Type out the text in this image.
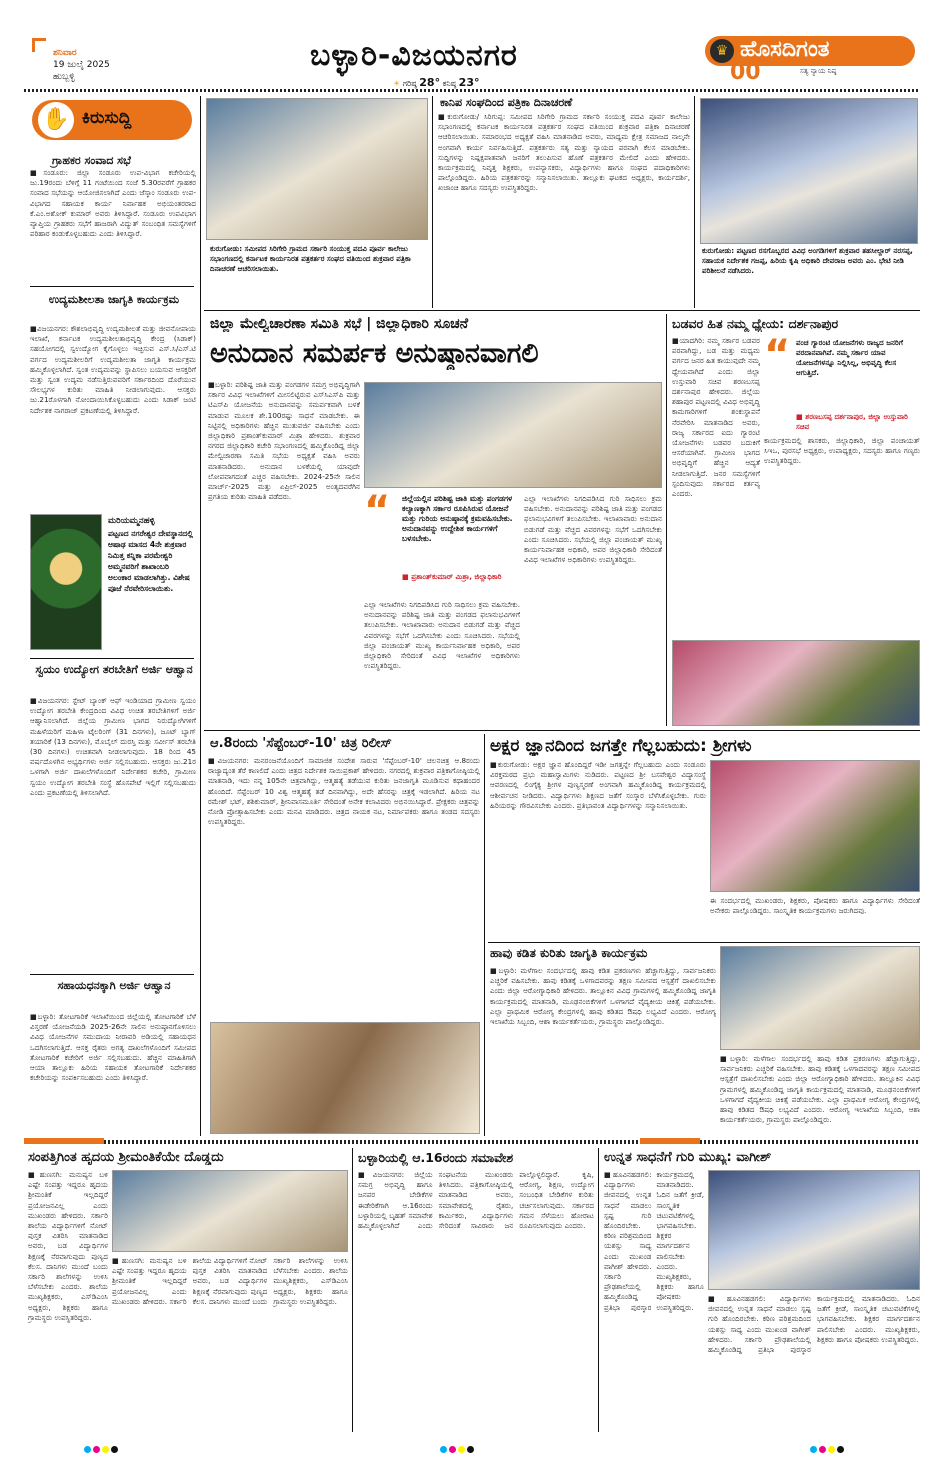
ಶನಿವಾರ
19 ಜುಲೈ 2025
ಹುಬ್ಬಳ್ಳಿ
ಬಳ್ಳಾರಿ-ವಿಜಯನಗರ
☀ ಗರಿಷ್ಠ 28° ಕನಿಷ್ಠ 23°
♛ ಹೊಸದಿಗಂತ
ಸತ್ಯ ನ್ಯಾಯ ನಿಷ್ಠ
00
✋ ಕಿರುಸುದ್ದಿ
ಗ್ರಾಹಕರ ಸಂವಾದ ಸಭೆ
■ಸಂಡೂರು: ಜಿಲ್ಲಾ ಸಂಡೂರು ಉಪ-ವಿಭಾಗ ಕಚೇರಿಯಲ್ಲಿ ಜು.19ರಂದು ಬೆಳಿಗ್ಗೆ 11 ಗಂಟೆಯಿಂದ ಸಂಜೆ 5.30ರವರೆಗೆ ಗ್ರಾಹಕರ ಸಂವಾದ ಸಭೆಯನ್ನು ಆಯೋಜಿಸಲಾಗಿದೆ ಎಂದು ಜೆಸ್ಕಾಂ ಸಂಡೂರು ಉಪ-ವಿಭಾಗದ ಸಹಾಯಕ ಕಾರ್ಯ ನಿರ್ವಾಹಕ ಅಭಿಯಂತರರಾದ ಕೆ.ಎಂ.ಅಶೋಕ್ ಕುಮಾರ್ ಅವರು ತಿಳಿಸಿದ್ದಾರೆ. ಸಂಡೂರು ಉಪವಿಭಾಗ ವ್ಯಾಪ್ತಿಯ ಗ್ರಾಹಕರು ಸಭೆಗೆ ಹಾಜರಾಗಿ ವಿದ್ಯುತ್ ಸಂಬಂಧಿತ ಸಮಸ್ಯೆಗಳಿಗೆ ಪರಿಹಾರ ಕಂಡುಕೊಳ್ಳಬಹುದು ಎಂದು ತಿಳಿಸಿದ್ದಾರೆ.
ಉದ್ಯಮಶೀಲತಾ ಜಾಗೃತಿ ಕಾರ್ಯಕ್ರಮ
■ವಿಜಯನಗರ: ಕೌಶಲಾಭಿವೃದ್ಧಿ ಉದ್ಯಮಶೀಲತೆ ಮತ್ತು ಜೀವನೋಪಾಯ ಇಲಾಖೆ, ಕರ್ನಾಟಕ ಉದ್ಯಮಶೀಲತಾಭಿವೃದ್ಧಿ ಕೇಂದ್ರ (ಸಿಡಾಕ್) ಸಹಯೋಗದಲ್ಲಿ ಸ್ವಉದ್ಯೋಗ ಕೈಗೊಳ್ಳಲು ಇಚ್ಛಿಸುವ ಎಸ್.ಸಿ/ಎಸ್.ಟಿ ವರ್ಗದ ಉದ್ಯಮಶೀಲರಿಗೆ ಉದ್ಯಮಶೀಲತಾ ಜಾಗೃತಿ ಕಾರ್ಯಕ್ರಮ ಹಮ್ಮಿಕೊಳ್ಳಲಾಗಿದೆ. ಸ್ವಂತ ಉದ್ಯಮವನ್ನು ಸ್ಥಾಪಿಸಲು ಬಯಸುವ ಆಸಕ್ತರಿಗೆ ಮತ್ತು ಸ್ವಂತ ಉದ್ಯಮ ನಡೆಸುತ್ತಿರುವವರಿಗೆ ಸರ್ಕಾರದಿಂದ ದೊರೆಯುವ ಸೌಲಭ್ಯಗಳ ಕುರಿತು ಮಾಹಿತಿ ನೀಡಲಾಗುವುದು. ಆಸಕ್ತರು ಜು.21ರೊಳಗಾಗಿ ನೋಂದಾಯಿಸಿಕೊಳ್ಳಬಹುದು ಎಂದು ಸಿಡಾಕ್ ಜಂಟಿ ನಿರ್ದೇಶಕ ನಾಗರಾಜ್ ಪ್ರಕಟಣೆಯಲ್ಲಿ ತಿಳಿಸಿದ್ದಾರೆ.
ಮರಿಯಮ್ಮನಹಳ್ಳಿ
ಪಟ್ಟಣದ ನಗರೇಶ್ವರ ದೇವಸ್ಥಾನದಲ್ಲಿ ಆಷಾಢ ಮಾಸದ 4ನೇ ಶುಕ್ರವಾರ ನಿಮಿತ್ತ ಕನ್ನಿಕಾ ಪರಮೇಶ್ವರಿ ಅಮ್ಮನವರಿಗೆ ಶಾಖಾಂಬರಿ ಅಲಂಕಾರ ಮಾಡಲಾಗಿತ್ತು. ವಿಶೇಷ ಪೂಜೆ ನೆರವೇರಿಸಲಾಯಿತು.
ಸ್ವಯಂ ಉದ್ಯೋಗ ತರಬೇತಿಗೆ ಅರ್ಜಿ ಆಹ್ವಾನ
■ವಿಜಯನಗರ: ಸ್ಟೇಟ್ ಬ್ಯಾಂಕ್ ಆಫ್ ಇಂಡಿಯಾದ ಗ್ರಾಮೀಣ ಸ್ವಯಂ ಉದ್ಯೋಗ ತರಬೇತಿ ಕೇಂದ್ರದಿಂದ ವಿವಿಧ ಉಚಿತ ತರಬೇತಿಗಳಿಗೆ ಅರ್ಜಿ ಆಹ್ವಾನಿಸಲಾಗಿದೆ. ಜಿಲ್ಲೆಯ ಗ್ರಾಮೀಣ ಭಾಗದ ನಿರುದ್ಯೋಗಿಗಳಿಗೆ ಮಹಿಳೆಯರಿಗೆ ಮಹಿಳಾ ಟೈಲರಿಂಗ್ (31 ದಿನಗಳು), ಜೂಟ್ ಬ್ಯಾಗ್ ತಯಾರಿಕೆ (13 ದಿನಗಳು), ಮೊಬೈಲ್ ದುರಸ್ತಿ ಮತ್ತು ಸರ್ವೀಸ್ ತರಬೇತಿ (30 ದಿನಗಳು) ಉಚಿತವಾಗಿ ನೀಡಲಾಗುವುದು. 18 ರಿಂದ 45 ವರ್ಷದೊಳಗಿನ ಅಭ್ಯರ್ಥಿಗಳು ಅರ್ಜಿ ಸಲ್ಲಿಸಬಹುದು. ಆಸಕ್ತರು ಜು.21ರ ಒಳಗಾಗಿ ಅರ್ಜಿ ದಾಖಲೆಗಳೊಂದಿಗೆ ನಿರ್ದೇಶಕರ ಕಚೇರಿ, ಗ್ರಾಮೀಣ ಸ್ವಯಂ ಉದ್ಯೋಗ ತರಬೇತಿ ಸಂಸ್ಥೆ ಹೊಸಪೇಟೆ ಇಲ್ಲಿಗೆ ಸಲ್ಲಿಸಬಹುದು ಎಂದು ಪ್ರಕಟಣೆಯಲ್ಲಿ ತಿಳಿಸಲಾಗಿದೆ.
ಸಹಾಯಧನಕ್ಕಾಗಿ ಅರ್ಜಿ ಆಹ್ವಾನ
■ಬಳ್ಳಾರಿ: ತೋಟಗಾರಿಕೆ ಇಲಾಖೆಯಿಂದ ಜಿಲ್ಲೆಯಲ್ಲಿ ತೋಟಗಾರಿಕೆ ಬೆಳೆ ವಿಸ್ತರಣೆ ಯೋಜನೆಯಡಿ 2025-26ನೇ ಸಾಲಿನ ಅನುಷ್ಠಾನಗೊಳಿಸಲು ವಿವಿಧ ಯೋಜನೆಗಳ ಸಮುದಾಯ ನೀರಾವರಿ ಅಡಿಯಲ್ಲಿ ಸಹಾಯಧನ ಒದಗಿಸಲಾಗುತ್ತಿದೆ. ಆಸಕ್ತ ರೈತರು ಅಗತ್ಯ ದಾಖಲೆಗಳೊಂದಿಗೆ ಸಮೀಪದ ತೋಟಗಾರಿಕೆ ಕಚೇರಿಗೆ ಅರ್ಜಿ ಸಲ್ಲಿಸಬಹುದು. ಹೆಚ್ಚಿನ ಮಾಹಿತಿಗಾಗಿ ಆಯಾ ತಾಲ್ಲೂಕು ಹಿರಿಯ ಸಹಾಯಕ ತೋಟಗಾರಿಕೆ ನಿರ್ದೇಶಕರ ಕಚೇರಿಯನ್ನು ಸಂಪರ್ಕಿಸಬಹುದು ಎಂದು ತಿಳಿಸಿದ್ದಾರೆ.
ಕುರುಗೋಡು: ಸಮೀಪದ ಸಿರಿಗೇರಿ ಗ್ರಾಮದ ಸರ್ಕಾರಿ ಸಂಯುಕ್ತ ಪದವಿ ಪೂರ್ವ ಕಾಲೇಜು ಸಭಾಂಗಣದಲ್ಲಿ ಕರ್ನಾಟಕ ಕಾರ್ಯನಿರತ ಪತ್ರಕರ್ತರ ಸಂಘದ ವತಿಯಿಂದ ಶುಕ್ರವಾರ ಪತ್ರಿಕಾ ದಿನಾಚರಣೆ ಆಚರಿಸಲಾಯಿತು.
ಕಾನಿಪ ಸಂಘದಿಂದ ಪತ್ರಿಕಾ ದಿನಾಚರಣೆ
■ಕುರುಗೋಡು/ ಸಿರಿಗುಪ್ಪ: ಸಮೀಪದ ಸಿರಿಗೇರಿ ಗ್ರಾಮದ ಸರ್ಕಾರಿ ಸಂಯುಕ್ತ ಪದವಿ ಪೂರ್ವ ಕಾಲೇಜು ಸಭಾಂಗಣದಲ್ಲಿ ಕರ್ನಾಟಕ ಕಾರ್ಯನಿರತ ಪತ್ರಕರ್ತರ ಸಂಘದ ವತಿಯಿಂದ ಶುಕ್ರವಾರ ಪತ್ರಿಕಾ ದಿನಾಚರಣೆ ಆಚರಿಸಲಾಯಿತು. ಸಮಾರಂಭದ ಅಧ್ಯಕ್ಷತೆ ವಹಿಸಿ ಮಾತನಾಡಿದ ಅವರು, ಮಾಧ್ಯಮ ಕ್ಷೇತ್ರ ಸಮಾಜದ ನಾಲ್ಕನೇ ಅಂಗವಾಗಿ ಕಾರ್ಯ ನಿರ್ವಹಿಸುತ್ತಿದೆ. ಪತ್ರಕರ್ತರು ಸತ್ಯ ಮತ್ತು ನ್ಯಾಯದ ಪರವಾಗಿ ಕೆಲಸ ಮಾಡಬೇಕು. ಸುದ್ದಿಗಳನ್ನು ನಿಷ್ಪಕ್ಷಪಾತವಾಗಿ ಜನರಿಗೆ ತಲುಪಿಸುವ ಹೊಣೆ ಪತ್ರಕರ್ತರ ಮೇಲಿದೆ ಎಂದು ಹೇಳಿದರು. ಕಾರ್ಯಕ್ರಮದಲ್ಲಿ ನಿವೃತ್ತ ಶಿಕ್ಷಕರು, ಉಪನ್ಯಾಸಕರು, ವಿದ್ಯಾರ್ಥಿಗಳು ಹಾಗೂ ಸಂಘದ ಪದಾಧಿಕಾರಿಗಳು ಪಾಲ್ಗೊಂಡಿದ್ದರು. ಹಿರಿಯ ಪತ್ರಕರ್ತರನ್ನು ಸನ್ಮಾನಿಸಲಾಯಿತು. ತಾಲ್ಲೂಕು ಘಟಕದ ಅಧ್ಯಕ್ಷರು, ಕಾರ್ಯದರ್ಶಿ, ಖಜಾಂಚಿ ಹಾಗೂ ಸದಸ್ಯರು ಉಪಸ್ಥಿತರಿದ್ದರು.
ಕುರುಗೋಡು: ಪಟ್ಟಣದ ರಸಗೊಬ್ಬರದ ವಿವಿಧ ಅಂಗಡಿಗಳಿಗೆ ಶುಕ್ರವಾರ ತಹಸೀಲ್ದಾರ್ ನರಸಪ್ಪ, ಸಹಾಯಕ ನಿರ್ದೇಶಕ ಗಜಪ್ಪ, ಹಿರಿಯ ಕೃಷಿ ಅಧಿಕಾರಿ ದೇವರಾಜ ಅವರು ಎಂ. ಭೇಟಿ ನೀಡಿ ಪರಿಶೀಲನೆ ನಡೆಸಿದರು.
ಜಿಲ್ಲಾ ಮೇಲ್ವಿಚಾರಣಾ ಸಮಿತಿ ಸಭೆ | ಜಿಲ್ಲಾಧಿಕಾರಿ ಸೂಚನೆ
ಅನುದಾನ ಸಮರ್ಪಕ ಅನುಷ್ಠಾನವಾಗಲಿ
■ಬಳ್ಳಾರಿ: ಪರಿಶಿಷ್ಟ ಜಾತಿ ಮತ್ತು ಪಂಗಡಗಳ ಸಮಗ್ರ ಅಭಿವೃದ್ಧಿಗಾಗಿ ಸರ್ಕಾರ ವಿವಿಧ ಇಲಾಖೆಗಳಿಗೆ ಮೀಸಲಿಟ್ಟಿರುವ ಎಸ್‌ಸಿಎಸ್‌ಪಿ ಮತ್ತು ಟಿಎಸ್‌ಪಿ ಯೋಜನೆಯ ಅನುದಾನವನ್ನು ಸಮರ್ಪಕವಾಗಿ ಬಳಕೆ ಮಾಡುವ ಮೂಲಕ ಶೇ.100ರಷ್ಟು ಸಾಧನೆ ಮಾಡಬೇಕು. ಈ ನಿಟ್ಟಿನಲ್ಲಿ ಅಧಿಕಾರಿಗಳು ಹೆಚ್ಚಿನ ಮುತುವರ್ಜಿ ವಹಿಸಬೇಕು ಎಂದು ಜಿಲ್ಲಾಧಿಕಾರಿ ಪ್ರಶಾಂತ್‌ಕುಮಾರ್ ಮಿಶ್ರಾ ಹೇಳಿದರು. ಶುಕ್ರವಾರ ನಗರದ ಜಿಲ್ಲಾಧಿಕಾರಿ ಕಚೇರಿ ಸಭಾಂಗಣದಲ್ಲಿ ಹಮ್ಮಿಕೊಂಡಿದ್ದ ಜಿಲ್ಲಾ ಮೇಲ್ವಿಚಾರಣಾ ಸಮಿತಿ ಸಭೆಯ ಅಧ್ಯಕ್ಷತೆ ವಹಿಸಿ ಅವರು ಮಾತನಾಡಿದರು. ಅನುದಾನ ಬಳಕೆಯಲ್ಲಿ ಯಾವುದೇ ಲೋಪವಾಗದಂತೆ ಎಚ್ಚರ ವಹಿಸಬೇಕು. 2024-25ನೇ ಸಾಲಿನ ಮಾರ್ಚ್-2025 ಮತ್ತು ಏಪ್ರಿಲ್-2025 ಅಂತ್ಯದವರೆಗಿನ ಪ್ರಗತಿಯ ಕುರಿತು ಮಾಹಿತಿ ಪಡೆದರು.	“ ಜಿಲ್ಲೆಯಲ್ಲಿನ ಪರಿಶಿಷ್ಟ ಜಾತಿ ಮತ್ತು ಪಂಗಡಗಳ ಕಲ್ಯಾಣಕ್ಕಾಗಿ ಸರ್ಕಾರ ರೂಪಿಸಿರುವ ಯೋಜನೆ ಮತ್ತು ಗುರಿಯ ಅನುಷ್ಠಾನಕ್ಕೆ ಕ್ರಮವಹಿಸಬೇಕು. ಅನುದಾನವನ್ನು ಉದ್ದೇಶಿತ ಕಾರ್ಯಗಳಿಗೆ ಬಳಸಬೇಕು.
■ ಪ್ರಶಾಂತ್‌ಕುಮಾರ್ ಮಿಶ್ರಾ, ಜಿಲ್ಲಾಧಿಕಾರಿ
ಎಲ್ಲಾ ಇಲಾಖೆಗಳು ನಿಗದಿಪಡಿಸಿದ ಗುರಿ ಸಾಧಿಸಲು ಕ್ರಮ ವಹಿಸಬೇಕು. ಅನುದಾನವನ್ನು ಪರಿಶಿಷ್ಟ ಜಾತಿ ಮತ್ತು ಪಂಗಡದ ಫಲಾನುಭವಿಗಳಿಗೆ ತಲುಪಿಸಬೇಕು. ಇಲಾಖಾವಾರು ಅನುದಾನ ಬಿಡುಗಡೆ ಮತ್ತು ವೆಚ್ಚದ ವಿವರಗಳನ್ನು ಸಭೆಗೆ ಒದಗಿಸಬೇಕು ಎಂದು ಸೂಚಿಸಿದರು. ಸಭೆಯಲ್ಲಿ ಜಿಲ್ಲಾ ಪಂಚಾಯತ್ ಮುಖ್ಯ ಕಾರ್ಯನಿರ್ವಾಹಕ ಅಧಿಕಾರಿ, ಅಪರ ಜಿಲ್ಲಾಧಿಕಾರಿ ಸೇರಿದಂತೆ ವಿವಿಧ ಇಲಾಖೆಗಳ ಅಧಿಕಾರಿಗಳು ಉಪಸ್ಥಿತರಿದ್ದರು.
ಎಲ್ಲಾ ಇಲಾಖೆಗಳು ನಿಗದಿಪಡಿಸಿದ ಗುರಿ ಸಾಧಿಸಲು ಕ್ರಮ ವಹಿಸಬೇಕು. ಅನುದಾನವನ್ನು ಪರಿಶಿಷ್ಟ ಜಾತಿ ಮತ್ತು ಪಂಗಡದ ಫಲಾನುಭವಿಗಳಿಗೆ ತಲುಪಿಸಬೇಕು. ಇಲಾಖಾವಾರು ಅನುದಾನ ಬಿಡುಗಡೆ ಮತ್ತು ವೆಚ್ಚದ ವಿವರಗಳನ್ನು ಸಭೆಗೆ ಒದಗಿಸಬೇಕು ಎಂದು ಸೂಚಿಸಿದರು. ಸಭೆಯಲ್ಲಿ ಜಿಲ್ಲಾ ಪಂಚಾಯತ್ ಮುಖ್ಯ ಕಾರ್ಯನಿರ್ವಾಹಕ ಅಧಿಕಾರಿ, ಅಪರ ಜಿಲ್ಲಾಧಿಕಾರಿ ಸೇರಿದಂತೆ ವಿವಿಧ ಇಲಾಖೆಗಳ ಅಧಿಕಾರಿಗಳು ಉಪಸ್ಥಿತರಿದ್ದರು.
ಬಡವರ ಹಿತ ನಮ್ಮ ಧ್ಯೇಯ: ದರ್ಶನಾಪುರ
■ಯಾದಗಿರಿ: ನಮ್ಮ ಸರ್ಕಾರ ಬಡವರ ಪರವಾಗಿದ್ದು, ಬಡ ಮತ್ತು ಮಧ್ಯಮ ವರ್ಗದ ಜನರ ಹಿತ ಕಾಯುವುದೇ ನಮ್ಮ ಧ್ಯೇಯವಾಗಿದೆ ಎಂದು ಜಿಲ್ಲಾ ಉಸ್ತುವಾರಿ ಸಚಿವ ಶರಣಬಸಪ್ಪ ದರ್ಶನಾಪುರ ಹೇಳಿದರು. ಜಿಲ್ಲೆಯ ಶಹಾಪುರ ಪಟ್ಟಣದಲ್ಲಿ ವಿವಿಧ ಅಭಿವೃದ್ಧಿ ಕಾಮಗಾರಿಗಳಿಗೆ ಶಂಕುಸ್ಥಾಪನೆ ನೆರವೇರಿಸಿ ಮಾತನಾಡಿದ ಅವರು, ರಾಜ್ಯ ಸರ್ಕಾರದ ಐದು ಗ್ಯಾರಂಟಿ ಯೋಜನೆಗಳು ಬಡವರ ಬದುಕಿಗೆ ಆಸರೆಯಾಗಿವೆ. ಗ್ರಾಮೀಣ ಭಾಗದ ಅಭಿವೃದ್ಧಿಗೆ ಹೆಚ್ಚಿನ ಆದ್ಯತೆ ನೀಡಲಾಗುತ್ತಿದೆ. ಜನರ ಸಮಸ್ಯೆಗಳಿಗೆ ಸ್ಪಂದಿಸುವುದು ಸರ್ಕಾರದ ಕರ್ತವ್ಯ ಎಂದರು.
“ ಪಂಚ ಗ್ಯಾರಂಟಿ ಯೋಜನೆಗಳು ರಾಜ್ಯದ ಜನರಿಗೆ ವರದಾನವಾಗಿವೆ. ನಮ್ಮ ಸರ್ಕಾರ ಯಾವ ಯೋಜನೆಗಳನ್ನೂ ನಿಲ್ಲಿಸಿಲ್ಲ, ಅಭಿವೃದ್ಧಿ ಕೆಲಸ ಆಗುತ್ತಿದೆ.
■ ಶರಣಬಸಪ್ಪ ದರ್ಶನಾಪುರ, ಜಿಲ್ಲಾ ಉಸ್ತುವಾರಿ ಸಚಿವ
ಕಾರ್ಯಕ್ರಮದಲ್ಲಿ ಶಾಸಕರು, ಜಿಲ್ಲಾಧಿಕಾರಿ, ಜಿಲ್ಲಾ ಪಂಚಾಯತ್ ಸಿಇಒ, ಪುರಸಭೆ ಅಧ್ಯಕ್ಷರು, ಉಪಾಧ್ಯಕ್ಷರು, ಸದಸ್ಯರು ಹಾಗೂ ಗಣ್ಯರು ಉಪಸ್ಥಿತರಿದ್ದರು.
ಆ.8ರಂದು 'ಸೆಪ್ಟೆಂಬರ್-10' ಚಿತ್ರ ರಿಲೀಸ್
■ವಿಜಯನಗರ: ಮನರಂಜನೆಯೊಂದಿಗೆ ಸಾಮಾಜಿಕ ಸಂದೇಶ ಸಾರುವ 'ಸೆಪ್ಟೆಂಬರ್-10' ಚಲನಚಿತ್ರ ಆ.8ರಂದು ರಾಜ್ಯಾದ್ಯಂತ ತೆರೆ ಕಾಣಲಿದೆ ಎಂದು ಚಿತ್ರದ ನಿರ್ದೇಶಕ ಸಾಯಿಪ್ರಕಾಶ್ ಹೇಳಿದರು. ನಗರದಲ್ಲಿ ಶುಕ್ರವಾರ ಪತ್ರಿಕಾಗೋಷ್ಠಿಯಲ್ಲಿ ಮಾತನಾಡಿ, ಇದು ನನ್ನ 105ನೇ ಚಿತ್ರವಾಗಿದ್ದು, ಆತ್ಮಹತ್ಯೆ ತಡೆಯುವ ಕುರಿತು ಜನಜಾಗೃತಿ ಮೂಡಿಸುವ ಕಥಾಹಂದರ ಹೊಂದಿದೆ. ಸೆಪ್ಟೆಂಬರ್ 10 ವಿಶ್ವ ಆತ್ಮಹತ್ಯೆ ತಡೆ ದಿನವಾಗಿದ್ದು, ಅದೇ ಹೆಸರನ್ನು ಚಿತ್ರಕ್ಕೆ ಇಡಲಾಗಿದೆ. ಹಿರಿಯ ನಟ ರಮೇಶ್ ಭಟ್, ಶಶಿಕುಮಾರ್, ಶ್ರೀನಿವಾಸಮೂರ್ತಿ ಸೇರಿದಂತೆ ಅನೇಕ ಕಲಾವಿದರು ಅಭಿನಯಿಸಿದ್ದಾರೆ. ಪ್ರೇಕ್ಷಕರು ಚಿತ್ರವನ್ನು ನೋಡಿ ಪ್ರೋತ್ಸಾಹಿಸಬೇಕು ಎಂದು ಮನವಿ ಮಾಡಿದರು. ಚಿತ್ರದ ನಾಯಕ ನಟ, ನಿರ್ಮಾಪಕರು ಹಾಗೂ ತಂಡದ ಸದಸ್ಯರು ಉಪಸ್ಥಿತರಿದ್ದರು.
ಅಕ್ಷರ ಜ್ಞಾನದಿಂದ ಜಗತ್ತೇ ಗೆಲ್ಲಬಹುದು: ಶ್ರೀಗಳು
■ಕುರುಗೋಡು: ಅಕ್ಷರ ಜ್ಞಾನ ಹೊಂದಿದ್ದರೆ ಇಡೀ ಜಗತ್ತನ್ನೇ ಗೆಲ್ಲಬಹುದು ಎಂದು ಸಂಡೂರು ವಿರಕ್ತಮಠದ ಪ್ರಭು ಮಹಾಸ್ವಾಮಿಗಳು ನುಡಿದರು. ಪಟ್ಟಣದ ಶ್ರೀ ಬಸವೇಶ್ವರ ವಿದ್ಯಾಸಂಸ್ಥೆ ಆವರಣದಲ್ಲಿ ಲಿಂಗೈಕ್ಯ ಶ್ರೀಗಳ ಪುಣ್ಯಸ್ಮರಣೆ ಅಂಗವಾಗಿ ಹಮ್ಮಿಕೊಂಡಿದ್ದ ಕಾರ್ಯಕ್ರಮದಲ್ಲಿ ಆಶೀರ್ವಚನ ನೀಡಿದರು. ವಿದ್ಯಾರ್ಥಿಗಳು ಶಿಕ್ಷಣದ ಜತೆಗೆ ಸಂಸ್ಕಾರ ಬೆಳೆಸಿಕೊಳ್ಳಬೇಕು. ಗುರು ಹಿರಿಯರನ್ನು ಗೌರವಿಸಬೇಕು ಎಂದರು. ಪ್ರತಿಭಾವಂತ ವಿದ್ಯಾರ್ಥಿಗಳನ್ನು ಸನ್ಮಾನಿಸಲಾಯಿತು.
ಈ ಸಂದರ್ಭದಲ್ಲಿ ಮುಖಂಡರು, ಶಿಕ್ಷಕರು, ಪೋಷಕರು ಹಾಗೂ ವಿದ್ಯಾರ್ಥಿಗಳು ಸೇರಿದಂತೆ ಅನೇಕರು ಪಾಲ್ಗೊಂಡಿದ್ದರು. ಸಾಂಸ್ಕೃತಿಕ ಕಾರ್ಯಕ್ರಮಗಳು ಜರುಗಿದವು.
ಹಾವು ಕಡಿತ ಕುರಿತು ಜಾಗೃತಿ ಕಾರ್ಯಕ್ರಮ
■ಬಳ್ಳಾರಿ: ಮಳೆಗಾಲ ಸಂದರ್ಭದಲ್ಲಿ ಹಾವು ಕಡಿತ ಪ್ರಕರಣಗಳು ಹೆಚ್ಚಾಗುತ್ತಿದ್ದು, ಸಾರ್ವಜನಿಕರು ಎಚ್ಚರಿಕೆ ವಹಿಸಬೇಕು. ಹಾವು ಕಡಿತಕ್ಕೆ ಒಳಗಾದವರನ್ನು ತಕ್ಷಣ ಸಮೀಪದ ಆಸ್ಪತ್ರೆಗೆ ದಾಖಲಿಸಬೇಕು ಎಂದು ಜಿಲ್ಲಾ ಆರೋಗ್ಯಾಧಿಕಾರಿ ಹೇಳಿದರು. ತಾಲ್ಲೂಕಿನ ವಿವಿಧ ಗ್ರಾಮಗಳಲ್ಲಿ ಹಮ್ಮಿಕೊಂಡಿದ್ದ ಜಾಗೃತಿ ಕಾರ್ಯಕ್ರಮದಲ್ಲಿ ಮಾತನಾಡಿ, ಮೂಢನಂಬಿಕೆಗಳಿಗೆ ಒಳಗಾಗದೆ ವೈದ್ಯಕೀಯ ಚಿಕಿತ್ಸೆ ಪಡೆಯಬೇಕು. ಎಲ್ಲಾ ಪ್ರಾಥಮಿಕ ಆರೋಗ್ಯ ಕೇಂದ್ರಗಳಲ್ಲಿ ಹಾವು ಕಡಿತದ ಔಷಧಿ ಲಭ್ಯವಿದೆ ಎಂದರು. ಆರೋಗ್ಯ ಇಲಾಖೆಯ ಸಿಬ್ಬಂದಿ, ಆಶಾ ಕಾರ್ಯಕರ್ತೆಯರು, ಗ್ರಾಮಸ್ಥರು ಪಾಲ್ಗೊಂಡಿದ್ದರು.
■ಬಳ್ಳಾರಿ: ಮಳೆಗಾಲ ಸಂದರ್ಭದಲ್ಲಿ ಹಾವು ಕಡಿತ ಪ್ರಕರಣಗಳು ಹೆಚ್ಚಾಗುತ್ತಿದ್ದು, ಸಾರ್ವಜನಿಕರು ಎಚ್ಚರಿಕೆ ವಹಿಸಬೇಕು. ಹಾವು ಕಡಿತಕ್ಕೆ ಒಳಗಾದವರನ್ನು ತಕ್ಷಣ ಸಮೀಪದ ಆಸ್ಪತ್ರೆಗೆ ದಾಖಲಿಸಬೇಕು ಎಂದು ಜಿಲ್ಲಾ ಆರೋಗ್ಯಾಧಿಕಾರಿ ಹೇಳಿದರು. ತಾಲ್ಲೂಕಿನ ವಿವಿಧ ಗ್ರಾಮಗಳಲ್ಲಿ ಹಮ್ಮಿಕೊಂಡಿದ್ದ ಜಾಗೃತಿ ಕಾರ್ಯಕ್ರಮದಲ್ಲಿ ಮಾತನಾಡಿ, ಮೂಢನಂಬಿಕೆಗಳಿಗೆ ಒಳಗಾಗದೆ ವೈದ್ಯಕೀಯ ಚಿಕಿತ್ಸೆ ಪಡೆಯಬೇಕು. ಎಲ್ಲಾ ಪ್ರಾಥಮಿಕ ಆರೋಗ್ಯ ಕೇಂದ್ರಗಳಲ್ಲಿ ಹಾವು ಕಡಿತದ ಔಷಧಿ ಲಭ್ಯವಿದೆ ಎಂದರು. ಆರೋಗ್ಯ ಇಲಾಖೆಯ ಸಿಬ್ಬಂದಿ, ಆಶಾ ಕಾರ್ಯಕರ್ತೆಯರು, ಗ್ರಾಮಸ್ಥರು ಪಾಲ್ಗೊಂಡಿದ್ದರು.
ಸಂಪತ್ತಿಗಿಂತ ಹೃದಯ ಶ್ರೀಮಂತಿಕೆಯೇ ದೊಡ್ಡದು
■ಹುಣಸಗಿ: ಮನುಷ್ಯನ ಬಳಿ ಎಷ್ಟೇ ಸಂಪತ್ತು ಇದ್ದರೂ ಹೃದಯ ಶ್ರೀಮಂತಿಕೆ ಇಲ್ಲದಿದ್ದರೆ ಪ್ರಯೋಜನವಿಲ್ಲ ಎಂದು ಮುಖಂಡರು ಹೇಳಿದರು. ಸರ್ಕಾರಿ ಶಾಲೆಯ ವಿದ್ಯಾರ್ಥಿಗಳಿಗೆ ನೋಟ್ ಪುಸ್ತಕ ವಿತರಿಸಿ ಮಾತನಾಡಿದ ಅವರು, ಬಡ ವಿದ್ಯಾರ್ಥಿಗಳ ಶಿಕ್ಷಣಕ್ಕೆ ನೆರವಾಗುವುದು ಪುಣ್ಯದ ಕೆಲಸ. ದಾನಿಗಳು ಮುಂದೆ ಬಂದು ಸರ್ಕಾರಿ ಶಾಲೆಗಳನ್ನು ಉಳಿಸಿ ಬೆಳೆಸಬೇಕು ಎಂದರು. ಶಾಲೆಯ ಮುಖ್ಯಶಿಕ್ಷಕರು, ಎಸ್‌ಡಿಎಂಸಿ ಅಧ್ಯಕ್ಷರು, ಶಿಕ್ಷಕರು ಹಾಗೂ ಗ್ರಾಮಸ್ಥರು ಉಪಸ್ಥಿತರಿದ್ದರು.
■ಹುಣಸಗಿ: ಮನುಷ್ಯನ ಬಳಿ ಎಷ್ಟೇ ಸಂಪತ್ತು ಇದ್ದರೂ ಹೃದಯ ಶ್ರೀಮಂತಿಕೆ ಇಲ್ಲದಿದ್ದರೆ ಪ್ರಯೋಜನವಿಲ್ಲ ಎಂದು ಮುಖಂಡರು ಹೇಳಿದರು. ಸರ್ಕಾರಿ ಶಾಲೆಯ ವಿದ್ಯಾರ್ಥಿಗಳಿಗೆ ನೋಟ್ ಪುಸ್ತಕ ವಿತರಿಸಿ ಮಾತನಾಡಿದ ಅವರು, ಬಡ ವಿದ್ಯಾರ್ಥಿಗಳ ಶಿಕ್ಷಣಕ್ಕೆ ನೆರವಾಗುವುದು ಪುಣ್ಯದ ಕೆಲಸ. ದಾನಿಗಳು ಮುಂದೆ ಬಂದು ಸರ್ಕಾರಿ ಶಾಲೆಗಳನ್ನು ಉಳಿಸಿ ಬೆಳೆಸಬೇಕು ಎಂದರು. ಶಾಲೆಯ ಮುಖ್ಯಶಿಕ್ಷಕರು, ಎಸ್‌ಡಿಎಂಸಿ ಅಧ್ಯಕ್ಷರು, ಶಿಕ್ಷಕರು ಹಾಗೂ ಗ್ರಾಮಸ್ಥರು ಉಪಸ್ಥಿತರಿದ್ದರು.
ಬಳ್ಳಾರಿಯಲ್ಲಿ ಆ.16ರಂದು ಸಮಾವೇಶ
■ವಿಜಯನಗರ: ಜಿಲ್ಲೆಯ ಸಮಗ್ರ ಅಭಿವೃದ್ಧಿ ಹಾಗೂ ಜನಪರ ಬೇಡಿಕೆಗಳ ಈಡೇರಿಕೆಗಾಗಿ ಆ.16ರಂದು ಬಳ್ಳಾರಿಯಲ್ಲಿ ಬೃಹತ್ ಸಮಾವೇಶ ಹಮ್ಮಿಕೊಳ್ಳಲಾಗಿದೆ ಎಂದು ಸಂಘಟನೆಯ ಮುಖಂಡರು ತಿಳಿಸಿದರು. ಪತ್ರಿಕಾಗೋಷ್ಠಿಯಲ್ಲಿ ಮಾತನಾಡಿದ ಅವರು, ಸಮಾವೇಶದಲ್ಲಿ ರೈತರು, ಕಾರ್ಮಿಕರು, ವಿದ್ಯಾರ್ಥಿಗಳು ಸೇರಿದಂತೆ ಸಾವಿರಾರು ಜನ ಪಾಲ್ಗೊಳ್ಳಲಿದ್ದಾರೆ. ಕೃಷಿ, ಆರೋಗ್ಯ, ಶಿಕ್ಷಣ, ಉದ್ಯೋಗ ಸಂಬಂಧಿತ ಬೇಡಿಕೆಗಳ ಕುರಿತು ಚರ್ಚಿಸಲಾಗುವುದು. ಸರ್ಕಾರದ ಗಮನ ಸೆಳೆಯಲು ಹೋರಾಟ ರೂಪಿಸಲಾಗುವುದು ಎಂದರು.
ಉನ್ನತ ಸಾಧನೆಗೆ ಗುರಿ ಮುಖ್ಯ: ವಾಗೀಶ್
■ಹೂವಿನಹಡಗಲಿ: ವಿದ್ಯಾರ್ಥಿಗಳು ಜೀವನದಲ್ಲಿ ಉನ್ನತ ಸಾಧನೆ ಮಾಡಲು ಸ್ಪಷ್ಟ ಗುರಿ ಹೊಂದಿರಬೇಕು. ಕಠಿಣ ಪರಿಶ್ರಮದಿಂದ ಯಶಸ್ಸು ಸಾಧ್ಯ ಎಂದು ಮುಖಂಡ ವಾಗೀಶ್ ಹೇಳಿದರು. ಸರ್ಕಾರಿ ಪ್ರೌಢಶಾಲೆಯಲ್ಲಿ ಹಮ್ಮಿಕೊಂಡಿದ್ದ ಪ್ರತಿಭಾ ಪುರಸ್ಕಾರ ಕಾರ್ಯಕ್ರಮದಲ್ಲಿ ಮಾತನಾಡಿದರು. ಓದಿನ ಜತೆಗೆ ಕ್ರೀಡೆ, ಸಾಂಸ್ಕೃತಿಕ ಚಟುವಟಿಕೆಗಳಲ್ಲಿ ಭಾಗವಹಿಸಬೇಕು. ಶಿಕ್ಷಕರ ಮಾರ್ಗದರ್ಶನ ಪಾಲಿಸಬೇಕು ಎಂದರು. ಮುಖ್ಯಶಿಕ್ಷಕರು, ಶಿಕ್ಷಕರು ಹಾಗೂ ಪೋಷಕರು ಉಪಸ್ಥಿತರಿದ್ದರು.
■ಹೂವಿನಹಡಗಲಿ: ವಿದ್ಯಾರ್ಥಿಗಳು ಜೀವನದಲ್ಲಿ ಉನ್ನತ ಸಾಧನೆ ಮಾಡಲು ಸ್ಪಷ್ಟ ಗುರಿ ಹೊಂದಿರಬೇಕು. ಕಠಿಣ ಪರಿಶ್ರಮದಿಂದ ಯಶಸ್ಸು ಸಾಧ್ಯ ಎಂದು ಮುಖಂಡ ವಾಗೀಶ್ ಹೇಳಿದರು. ಸರ್ಕಾರಿ ಪ್ರೌಢಶಾಲೆಯಲ್ಲಿ ಹಮ್ಮಿಕೊಂಡಿದ್ದ ಪ್ರತಿಭಾ ಪುರಸ್ಕಾರ ಕಾರ್ಯಕ್ರಮದಲ್ಲಿ ಮಾತನಾಡಿದರು. ಓದಿನ ಜತೆಗೆ ಕ್ರೀಡೆ, ಸಾಂಸ್ಕೃತಿಕ ಚಟುವಟಿಕೆಗಳಲ್ಲಿ ಭಾಗವಹಿಸಬೇಕು. ಶಿಕ್ಷಕರ ಮಾರ್ಗದರ್ಶನ ಪಾಲಿಸಬೇಕು ಎಂದರು. ಮುಖ್ಯಶಿಕ್ಷಕರು, ಶಿಕ್ಷಕರು ಹಾಗೂ ಪೋಷಕರು ಉಪಸ್ಥಿತರಿದ್ದರು.
